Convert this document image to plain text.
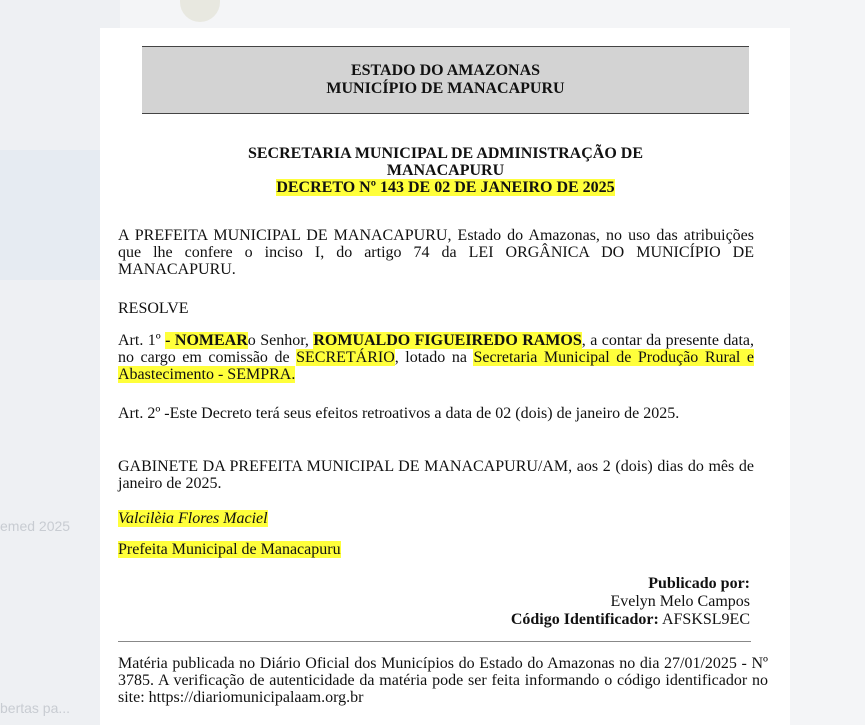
emed 2025
bertas pa...
ESTADO DO AMAZONAS
MUNICÍPIO DE MANACAPURU
SECRETARIA MUNICIPAL DE ADMINISTRAÇÃO DE
MANACAPURU
DECRETO Nº 143 DE 02 DE JANEIRO DE 2025
A PREFEITA MUNICIPAL DE MANACAPURU, Estado do Amazonas, no uso das atribuições que lhe confere o inciso I, do artigo 74 da LEI ORGÂNICA DO MUNICÍPIO DE MANACAPURU.
RESOLVE
Art. 1º - NOMEARo Senhor, ROMUALDO FIGUEIREDO RAMOS, a contar da presente data, no cargo em comissão de SECRETÁRIO, lotado na Secretaria Municipal de Produção Rural e Abastecimento - SEMPRA.
Art. 2º -Este Decreto terá seus efeitos retroativos a data de 02 (dois) de janeiro de 2025.
GABINETE DA PREFEITA MUNICIPAL DE MANACAPURU/AM, aos 2 (dois) dias do mês de janeiro de 2025.
Valcilèia Flores Maciel
Prefeita Municipal de Manacapuru
Publicado por:
Evelyn Melo Campos
Código Identificador: AFSKSL9EC
Matéria publicada no Diário Oficial dos Municípios do Estado do Amazonas no dia 27/01/2025 - Nº 3785. A verificação de autenticidade da matéria pode ser feita informando o código identificador no site: https://diariomunicipalaam.org.br
